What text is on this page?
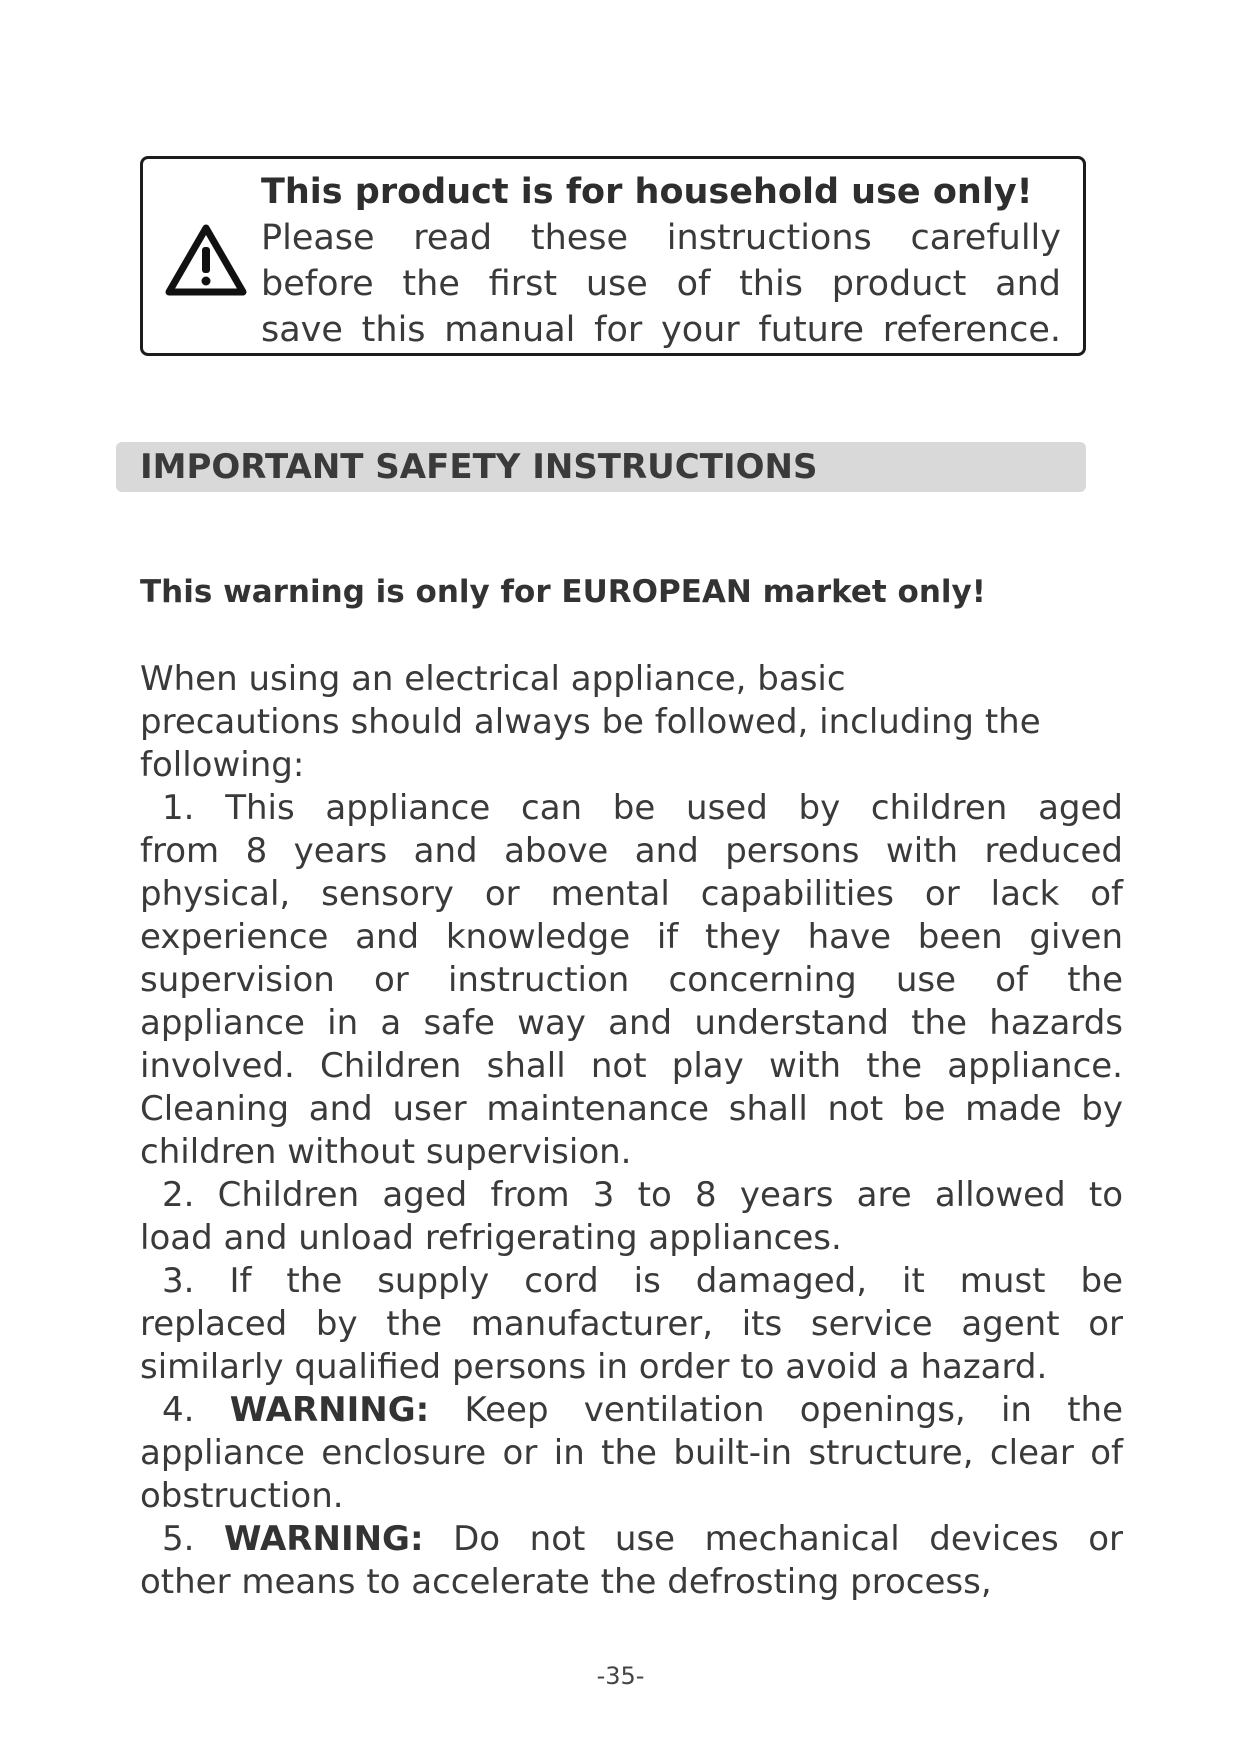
This product is for household use only!
Please read these instructions carefully
before the first use of this product and
save this manual for your future reference.
IMPORTANT SAFETY INSTRUCTIONS
This warning is only for EUROPEAN market only!

When using an electrical appliance, basic
precautions should always be followed, including the following:

1. This appliance can be used by children aged
from 8 years and above and persons with reduced physical, sensory or mental capabilities or lack of experience and knowledge if they have been given supervision or instruction concerning use of the appliance in a safe way and understand the hazards involved. Children shall not play with the appliance. Cleaning and user maintenance shall not be made by children without supervision.

2. Children aged from 3 to 8 years are allowed to
load and unload refrigerating appliances.

3. If the supply cord is damaged, it must be
replaced by the manufacturer, its service agent or similarly qualified persons in order to avoid a hazard.

4. WARNING: Keep ventilation openings, in the
appliance enclosure or in the built-in structure, clear of obstruction.

5. WARNING: Do not use mechanical devices or
other means to accelerate the defrosting process,

-35-
